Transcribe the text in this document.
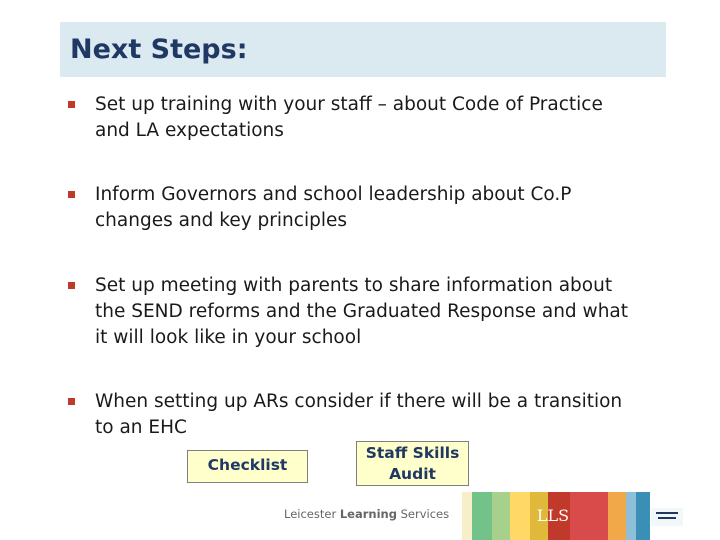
Next Steps:
Set up training with your staff – about Code of Practice
and LA expectations
Inform Governors and school leadership about Co.P
changes and key principles
Set up meeting with parents to share information about
the SEND reforms and the Graduated Response and what
it will look like in your school
When setting up ARs consider if there will be a transition
to an EHC
Checklist
Staff Skills
Audit
Leicester Learning Services	LLS
